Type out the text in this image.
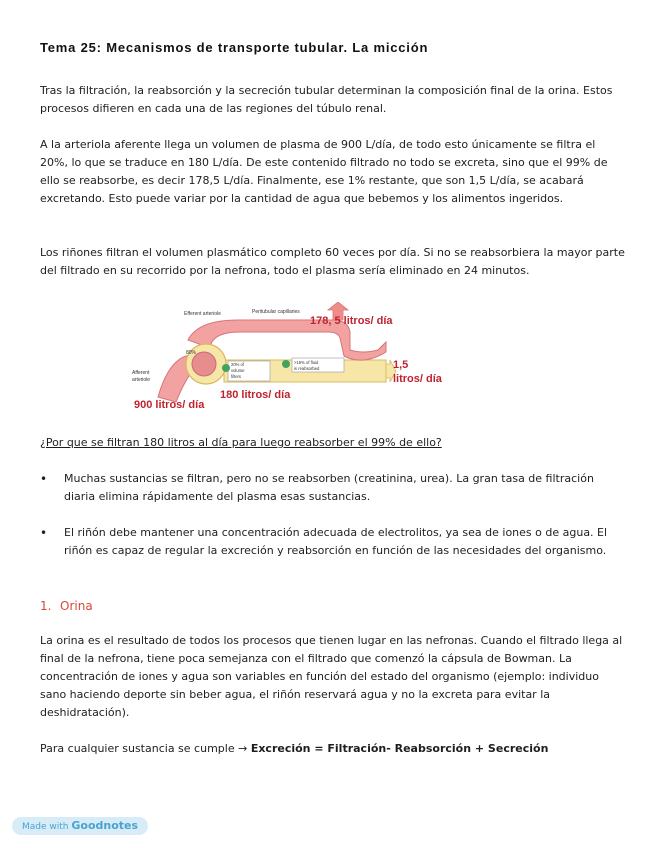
Tema 25: Mecanismos de transporte tubular. La micción
Tras la filtración, la reabsorción y la secreción tubular determinan la composición final de la orina. Estos procesos difieren en cada una de las regiones del túbulo renal.
A la arteriola aferente llega un volumen de plasma de 900 L/día, de todo esto únicamente se filtra el 20%, lo que se traduce en 180 L/día. De este contenido filtrado no todo se excreta, sino que el 99% de ello se reabsorbe, es decir 178,5 L/día. Finalmente, ese 1% restante, que son 1,5 L/día, se acabará excretando. Esto puede variar por la cantidad de agua que bebemos y los alimentos ingeridos.
Los riñones filtran el volumen plasmático completo 60 veces por día. Si no se reabsorbiera la mayor parte del filtrado en su recorrido por la nefrona, todo el plasma sería eliminado en 24 minutos.
Efferent arteriole	Peritubular capillaries
Afferent
arteriole
80%
20% of
volume
filters
>19% of fluid
is reabsorbed
178, 5 litros/ día
1,5
litros/ día
900 litros/ día
180 litros/ día
¿Por que se filtran 180 litros al día para luego reabsorber el 99% de ello?
• Muchas sustancias se filtran, pero no se reabsorben (creatinina, urea). La gran tasa de filtración diaria elimina rápidamente del plasma esas sustancias.
• El riñón debe mantener una concentración adecuada de electrolitos, ya sea de iones o de agua. El riñón es capaz de regular la excreción y reabsorción en función de las necesidades del organismo.
1. Orina
La orina es el resultado de todos los procesos que tienen lugar en las nefronas. Cuando el filtrado llega al final de la nefrona, tiene poca semejanza con el filtrado que comenzó la cápsula de Bowman. La concentración de iones y agua son variables en función del estado del organismo (ejemplo: individuo sano haciendo deporte sin beber agua, el riñón reservará agua y no la excreta para evitar la deshidratación).
Para cualquier sustancia se cumple → Excreción = Filtración- Reabsorción + Secreción
Made with Goodnotes
